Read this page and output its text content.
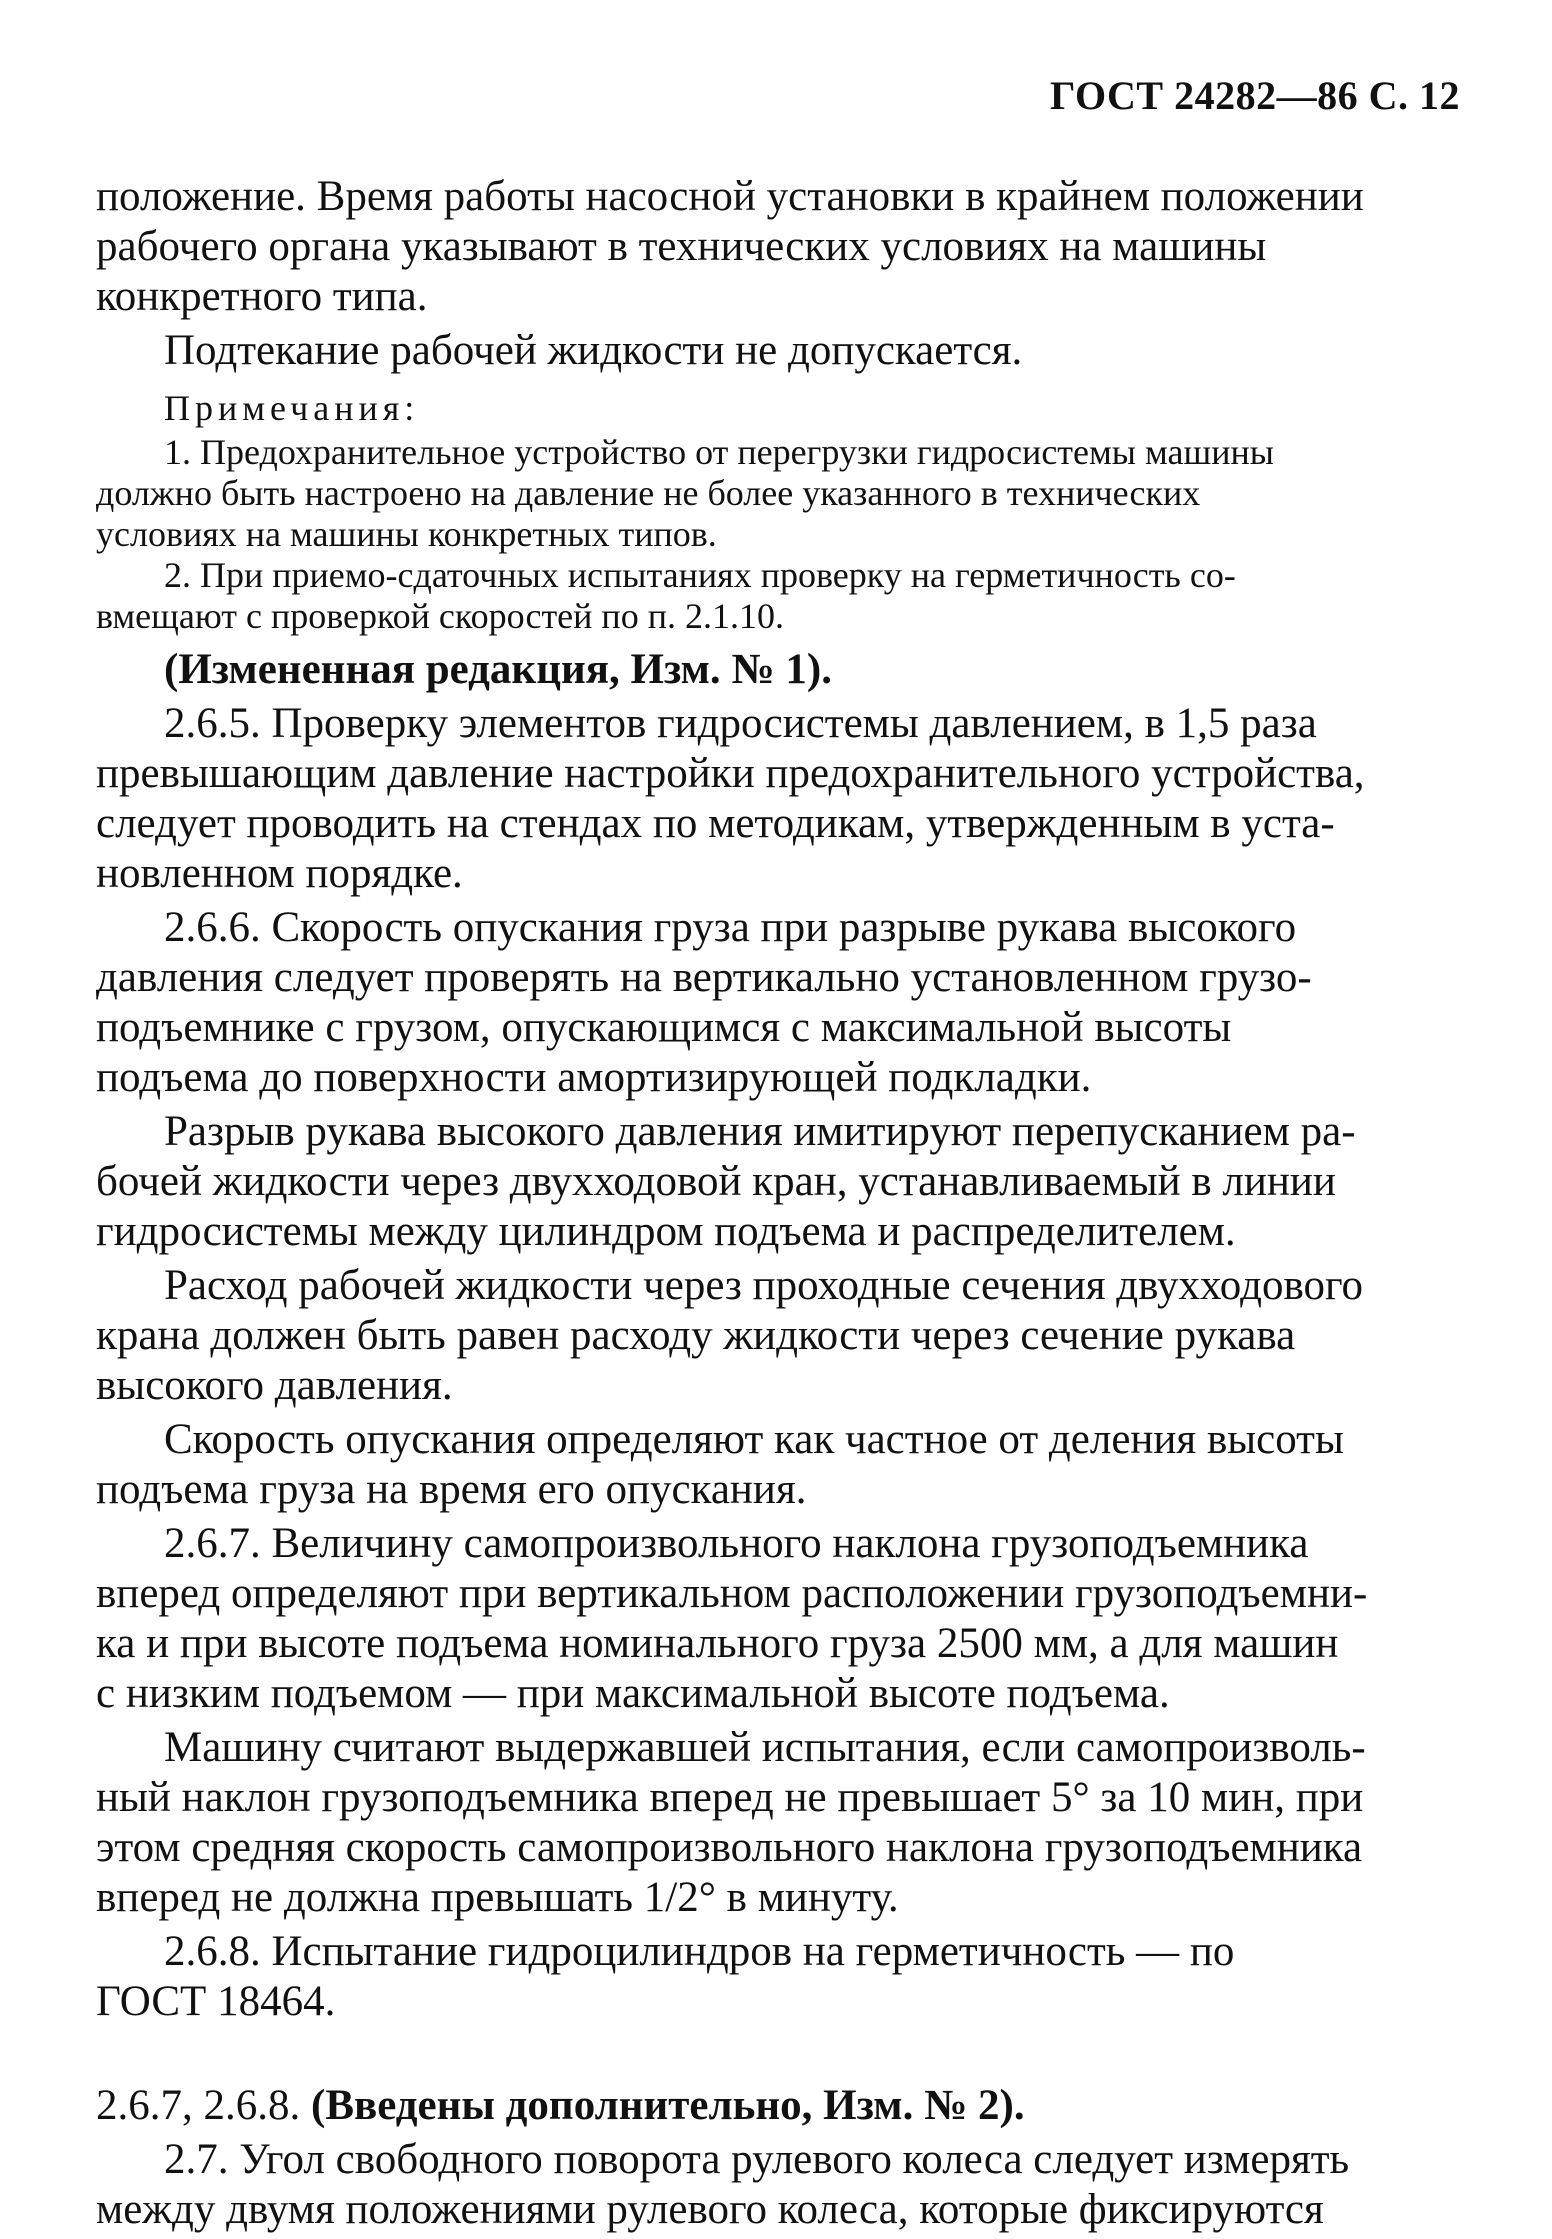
ГОСТ 24282—86 С. 12

положение. Время работы насосной установки в крайнем положении
рабочего органа указывают в технических условиях на машины
конкретного типа.

Подтекание рабочей жидкости не допускается.

Примечания:

1. Предохранительное устройство от перегрузки гидросистемы машины
должно быть настроено на давление не более указанного в технических
условиях на машины конкретных типов.

2. При приемо-сдаточных испытаниях проверку на герметичность со-
вмещают с проверкой скоростей по п. 2.1.10.

(Измененная редакция, Изм. № 1).

2.6.5. Проверку элементов гидросистемы давлением, в 1,5 раза
превышающим давление настройки предохранительного устройства,
следует проводить на стендах по методикам, утвержденным в уста-
новленном порядке.

2.6.6. Скорость опускания груза при разрыве рукава высокого
давления следует проверять на вертикально установленном грузо-
подъемнике с грузом, опускающимся с максимальной высоты
подъема до поверхности амортизирующей подкладки.

Разрыв рукава высокого давления имитируют перепусканием ра-
бочей жидкости через двухходовой кран, устанавливаемый в линии
гидросистемы между цилиндром подъема и распределителем.

Расход рабочей жидкости через проходные сечения двухходового
крана должен быть равен расходу жидкости через сечение рукава
высокого давления.

Скорость опускания определяют как частное от деления высоты
подъема груза на время его опускания.

2.6.7. Величину самопроизвольного наклона грузоподъемника
вперед определяют при вертикальном расположении грузоподъемни-
ка и при высоте подъема номинального груза 2500 мм, а для машин
с низким подъемом — при максимальной высоте подъема.

Машину считают выдержавшей испытания, если самопроизволь-
ный наклон грузоподъемника вперед не превышает 5° за 10 мин, при
этом средняя скорость самопроизвольного наклона грузоподъемника
вперед не должна превышать 1/2° в минуту.

2.6.8. Испытание гидроцилиндров на герметичность — по
ГОСТ 18464.

2.6.7, 2.6.8. (Введены дополнительно, Изм. № 2).

2.7. Угол свободного поворота рулевого колеса следует измерять
между двумя положениями рулевого колеса, которые фиксируются
